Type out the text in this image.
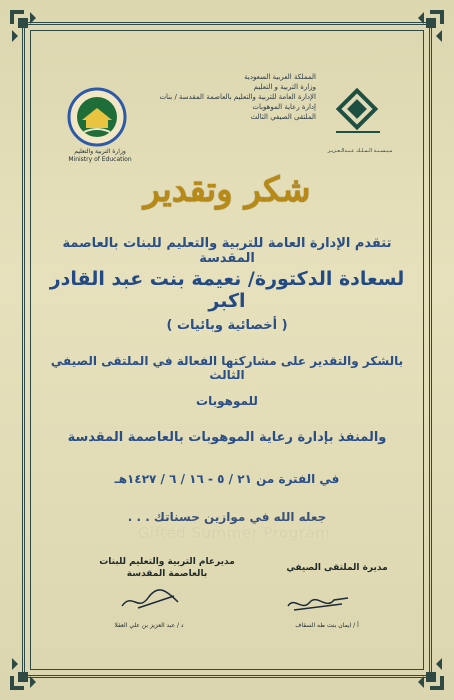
وزارة التربية والتعليم
Ministry of Education
مـيـسـبـة الـمـلـك عـبـدالـعـزيـز
المملكة العربية السعودية
وزارة التربية و التعليم
الإدارة العامة للتربية والتعليم بالعاصمة المقدسة / بنات
إدارة رعاية الموهوبات
الملتقى الصيفي الثالث
شكر وتقدير
تتقدم الإدارة العامة للتربية والتعليم للبنات بالعاصمة المقدسة
لسعادة الدكتورة/ نعيمة بنت عبد القادر اكبر
( أخصائية وبائيات )
بالشكر والتقدير على مشاركتها الفعالة في الملتقى الصيفي الثالث
للموهوبات
والمنفذ بإدارة رعاية الموهوبات بالعاصمة المقدسة
في الفترة من ٢١ / ٥ - ١٦ / ٦ / ١٤٢٧هـ
جعله الله في موازين حسناتك . . .
Gifted Summer Program
مديرعام التربية والتعليم للبنات بالعاصمة المقدسة
د / عبد العزيز بن علي العقلا
مديرة الملتقى الصيفي
أ / ايمان بنت طه السقاف
